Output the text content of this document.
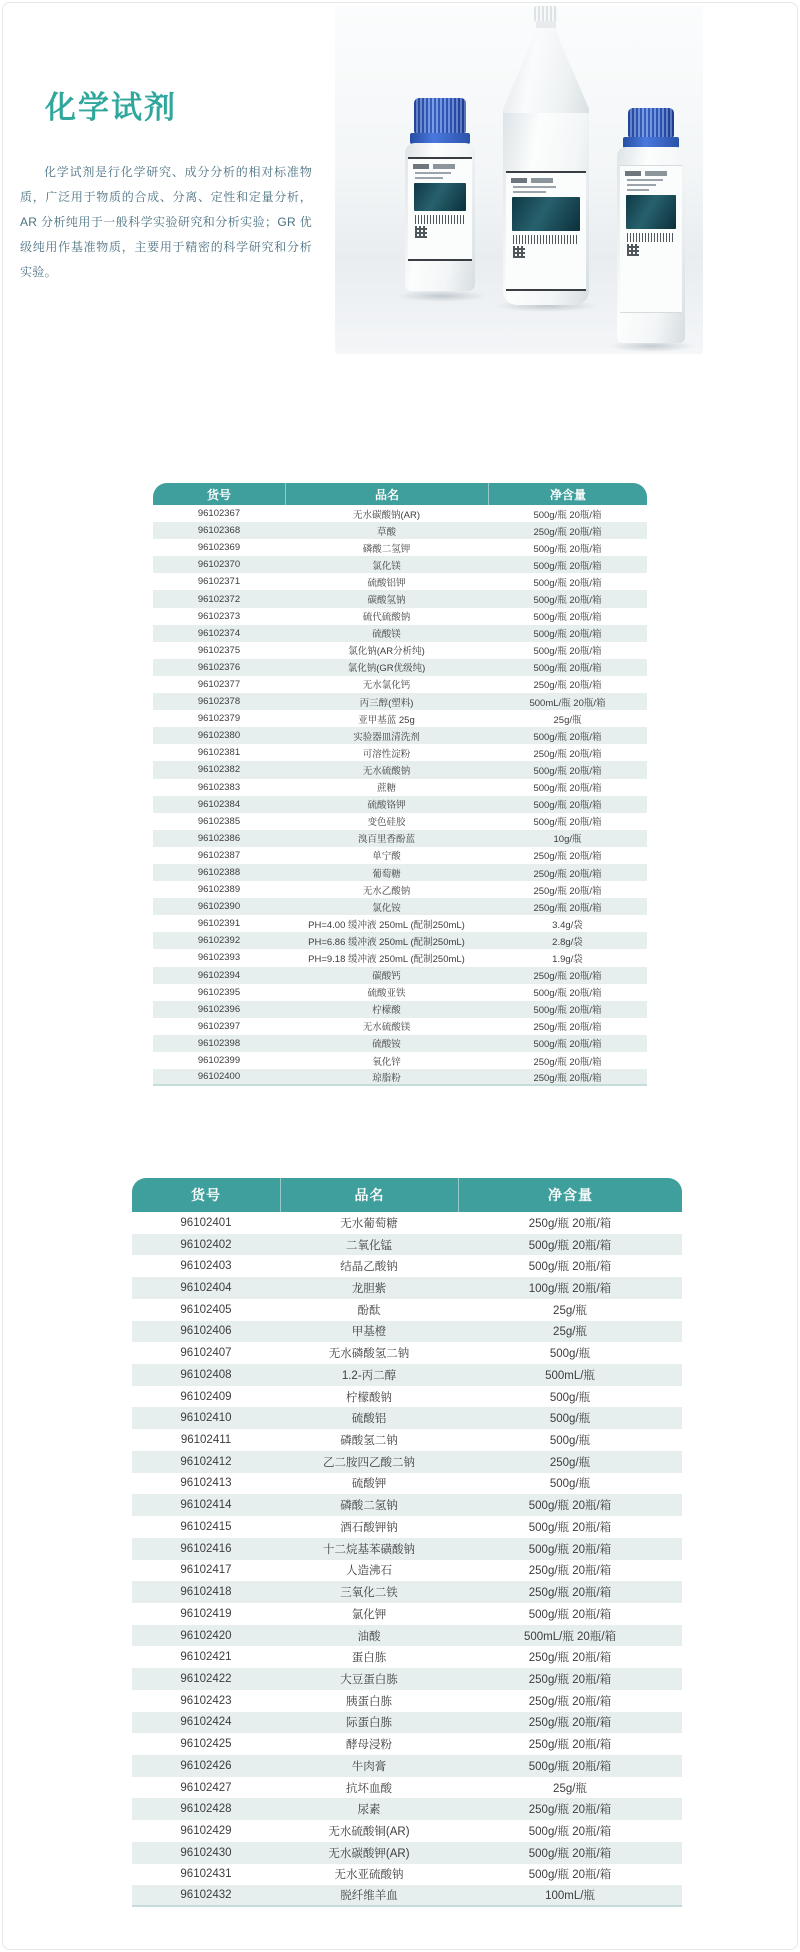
化学试剂

化学试剂是行化学研究、成分分析的相对标准物质，广泛用于物质的合成、分离、定性和定量分析，AR 分析纯用于一般科学实验研究和分析实验；GR 优级纯用作基准物质，主要用于精密的科学研究和分析实验。

货号	品名	净含量
96102367	无水碳酸钠(AR)	500g/瓶 20瓶/箱
96102368	草酸	250g/瓶 20瓶/箱
96102369	磷酸二氢钾	500g/瓶 20瓶/箱
96102370	氯化镁	500g/瓶 20瓶/箱
96102371	硫酸铝钾	500g/瓶 20瓶/箱
96102372	碳酸氢钠	500g/瓶 20瓶/箱
96102373	硫代硫酸钠	500g/瓶 20瓶/箱
96102374	硫酸镁	500g/瓶 20瓶/箱
96102375	氯化钠(AR分析纯)	500g/瓶 20瓶/箱
96102376	氯化钠(GR优级纯)	500g/瓶 20瓶/箱
96102377	无水氯化钙	250g/瓶 20瓶/箱
96102378	丙三醇(塑料)	500mL/瓶 20瓶/箱
96102379	亚甲基蓝 25g	25g/瓶
96102380	实验器皿清洗剂	500g/瓶 20瓶/箱
96102381	可溶性淀粉	250g/瓶 20瓶/箱
96102382	无水硫酸钠	500g/瓶 20瓶/箱
96102383	蔗糖	500g/瓶 20瓶/箱
96102384	硫酸铬钾	500g/瓶 20瓶/箱
96102385	变色硅胶	500g/瓶 20瓶/箱
96102386	溴百里香酚蓝	10g/瓶
96102387	单宁酸	250g/瓶 20瓶/箱
96102388	葡萄糖	250g/瓶 20瓶/箱
96102389	无水乙酸钠	250g/瓶 20瓶/箱
96102390	氯化铵	250g/瓶 20瓶/箱
96102391	PH=4.00 缓冲液 250mL (配制250mL)	3.4g/袋
96102392	PH=6.86 缓冲液 250mL (配制250mL)	2.8g/袋
96102393	PH=9.18 缓冲液 250mL (配制250mL)	1.9g/袋
96102394	碳酸钙	250g/瓶 20瓶/箱
96102395	硫酸亚铁	500g/瓶 20瓶/箱
96102396	柠檬酸	500g/瓶 20瓶/箱
96102397	无水硫酸镁	250g/瓶 20瓶/箱
96102398	硫酸铵	500g/瓶 20瓶/箱
96102399	氧化锌	250g/瓶 20瓶/箱
96102400	琼脂粉	250g/瓶 20瓶/箱
货号	品名	净含量
96102401	无水葡萄糖	250g/瓶 20瓶/箱
96102402	二氧化锰	500g/瓶 20瓶/箱
96102403	结晶乙酸钠	500g/瓶 20瓶/箱
96102404	龙胆紫	100g/瓶 20瓶/箱
96102405	酚酞	25g/瓶
96102406	甲基橙	25g/瓶
96102407	无水磷酸氢二钠	500g/瓶
96102408	1.2-丙二醇	500mL/瓶
96102409	柠檬酸钠	500g/瓶
96102410	硫酸铝	500g/瓶
96102411	磷酸氢二钠	500g/瓶
96102412	乙二胺四乙酸二钠	250g/瓶
96102413	硫酸钾	500g/瓶
96102414	磷酸二氢钠	500g/瓶 20瓶/箱
96102415	酒石酸钾钠	500g/瓶 20瓶/箱
96102416	十二烷基苯磺酸钠	500g/瓶 20瓶/箱
96102417	人造沸石	250g/瓶 20瓶/箱
96102418	三氧化二铁	250g/瓶 20瓶/箱
96102419	氯化钾	500g/瓶 20瓶/箱
96102420	油酸	500mL/瓶 20瓶/箱
96102421	蛋白胨	250g/瓶 20瓶/箱
96102422	大豆蛋白胨	250g/瓶 20瓶/箱
96102423	胰蛋白胨	250g/瓶 20瓶/箱
96102424	际蛋白胨	250g/瓶 20瓶/箱
96102425	酵母浸粉	250g/瓶 20瓶/箱
96102426	牛肉膏	500g/瓶 20瓶/箱
96102427	抗坏血酸	25g/瓶
96102428	尿素	250g/瓶 20瓶/箱
96102429	无水硫酸铜(AR)	500g/瓶 20瓶/箱
96102430	无水碳酸钾(AR)	500g/瓶 20瓶/箱
96102431	无水亚硫酸钠	500g/瓶 20瓶/箱
96102432	脱纤维羊血	100mL/瓶
